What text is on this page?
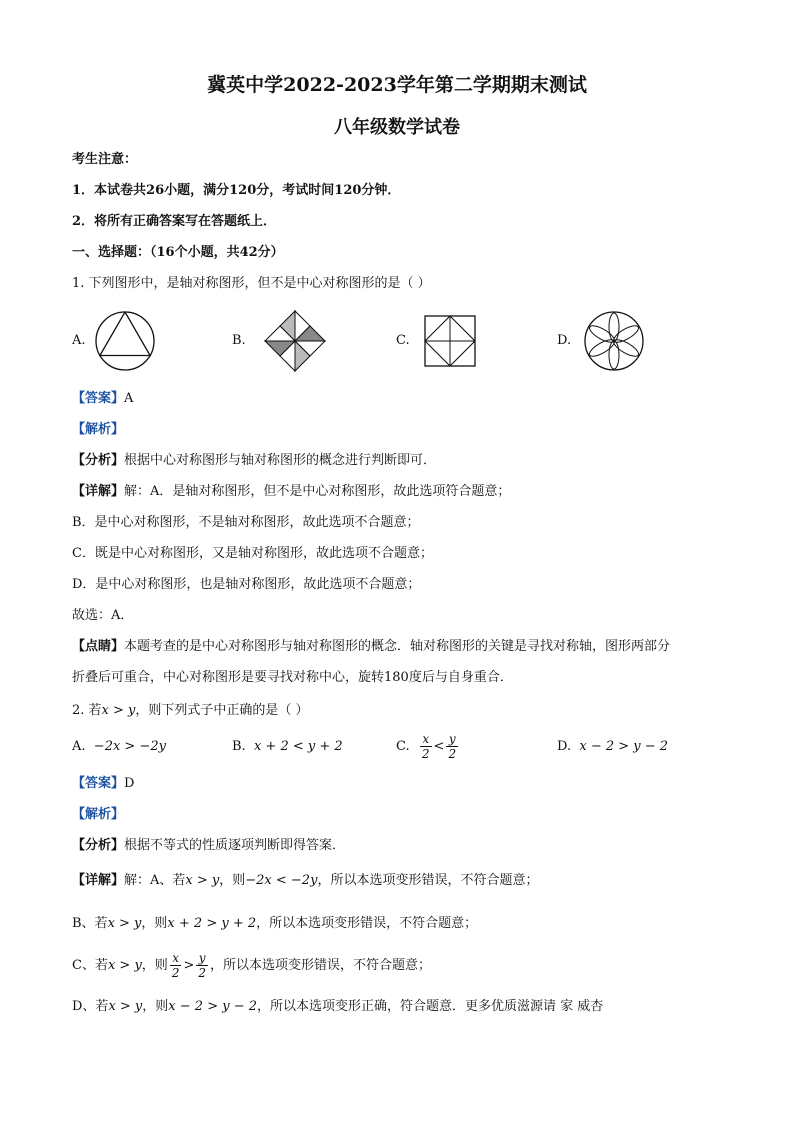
冀英中学2022-2023学年第二学期期末测试
八年级数学试卷
考生注意：
1．本试卷共26小题，满分120分，考试时间120分钟．
2．将所有正确答案写在答题纸上．
一、选择题：（16个小题，共42分）
1. 下列图形中，是轴对称图形，但不是中心对称图形的是（ ）
A.	B.	C.	D.
【答案】A
【解析】
【分析】根据中心对称图形与轴对称图形的概念进行判断即可．
【详解】解：A．是轴对称图形，但不是中心对称图形，故此选项符合题意；
B．是中心对称图形，不是轴对称图形，故此选项不合题意；
C．既是中心对称图形，又是轴对称图形，故此选项不合题意；
D．是中心对称图形，也是轴对称图形，故此选项不合题意；
故选：A．
【点睛】本题考查的是中心对称图形与轴对称图形的概念．轴对称图形的关键是寻找对称轴，图形两部分
折叠后可重合，中心对称图形是要寻找对称中心，旋转180度后与自身重合．
2. 若x > y，则下列式子中正确的是（ ）
A. −2x > −2y	B. x + 2 < y + 2	C. $\frac{x}{2} < \frac{y}{2}$	D. x − 2 > y − 2
【答案】D
【解析】
【分析】根据不等式的性质逐项判断即得答案．
【详解】解：A、若x > y，则−2x < −2y，所以本选项变形错误，不符合题意；
B、若x > y，则x + 2 > y + 2，所以本选项变形错误，不符合题意；
C、若x > y，则 $\frac{x}{2} > \frac{y}{2}$ ，所以本选项变形错误，不符合题意；
D、若x > y，则x − 2 > y − 2，所以本选项变形正确，符合题意．更多优质滋源请 家 威杏
